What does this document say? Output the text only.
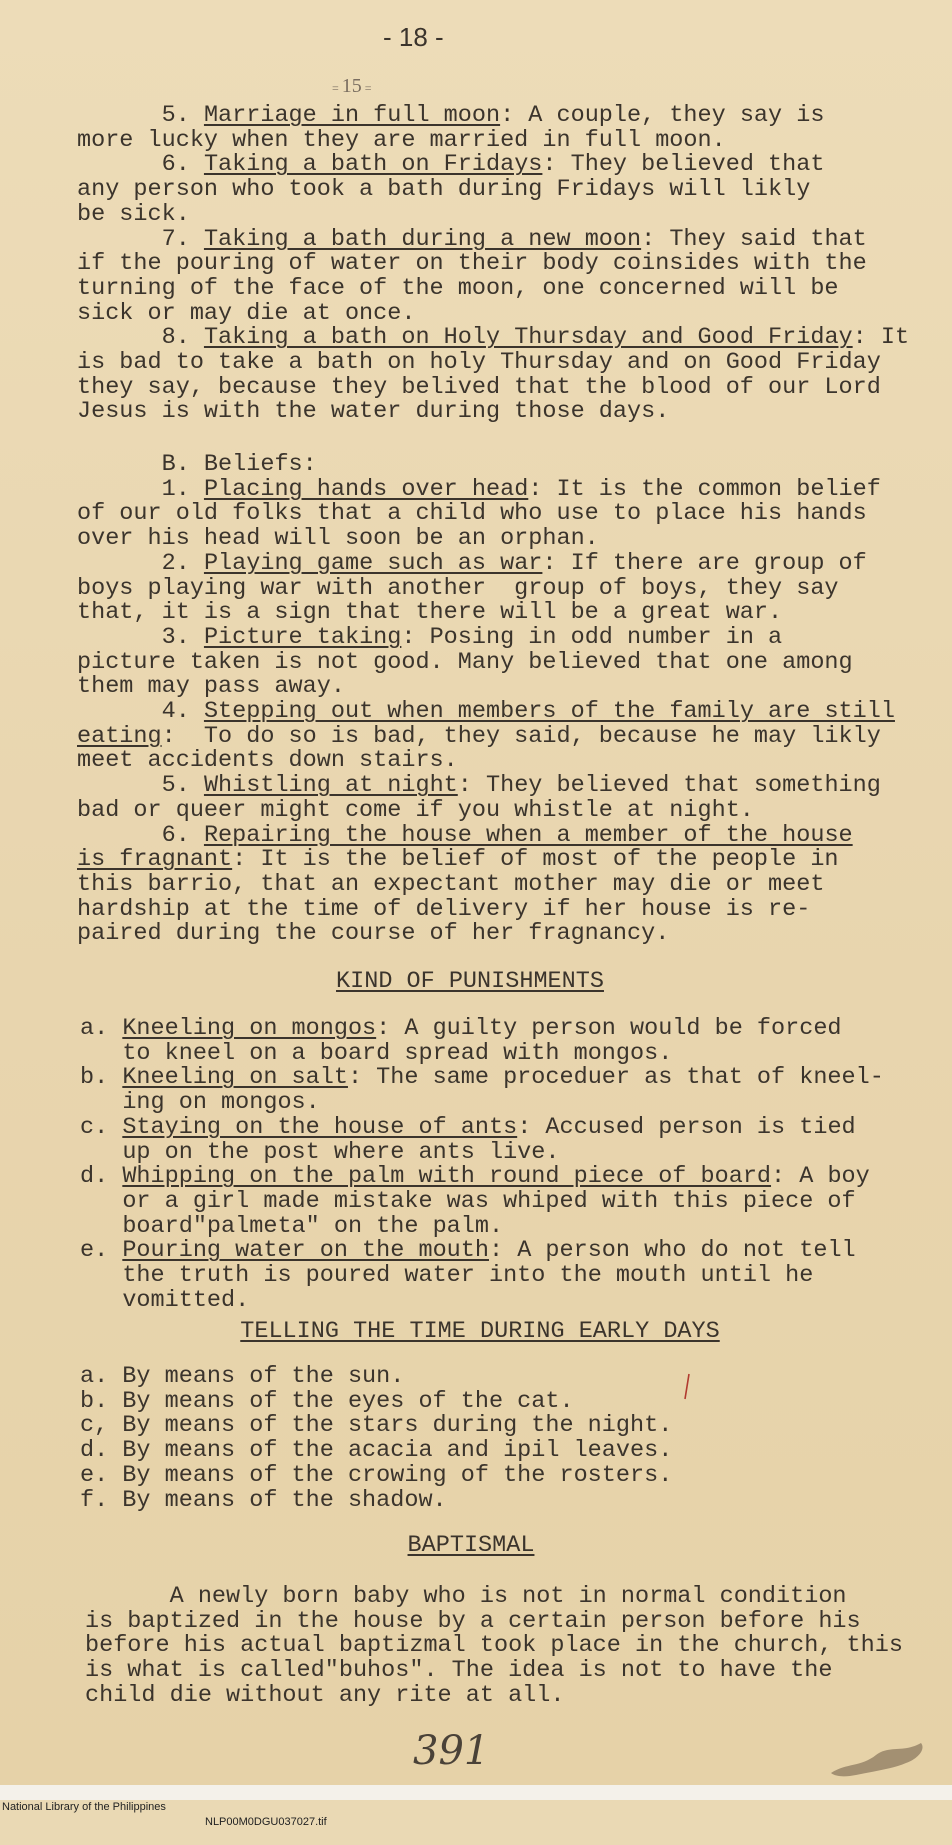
- 18 -

= 15 =

5. Marriage in full moon: A couple, they say is
more lucky when they are married in full moon.
6. Taking a bath on Fridays: They believed that
any person who took a bath during Fridays will likly
be sick.
7. Taking a bath during a new moon: They said that
if the pouring of water on their body coinsides with the
turning of the face of the moon, one concerned will be
sick or may die at once.
8. Taking a bath on Holy Thursday and Good Friday: It
is bad to take a bath on holy Thursday and on Good Friday
they say, because they belived that the blood of our Lord
Jesus is with the water during those days.
B. Beliefs:
1. Placing hands over head: It is the common belief
of our old folks that a child who use to place his hands
over his head will soon be an orphan.
2. Playing game such as war: If there are group of
boys playing war with another  group of boys, they say
that, it is a sign that there will be a great war.
3. Picture taking: Posing in odd number in a
picture taken is not good. Many believed that one among
them may pass away.
4. Stepping out when members of the family are still
eating:  To do so is bad, they said, because he may likly
meet accidents down stairs.
5. Whistling at night: They believed that something
bad or queer might come if you whistle at night.
6. Repairing the house when a member of the house
is fragnant: It is the belief of most of the people in
this barrio, that an expectant mother may die or meet
hardship at the time of delivery if her house is re-
paired during the course of her fragnancy.
KIND OF PUNISHMENTS
a. Kneeling on mongos: A guilty person would be forced
to kneel on a board spread with mongos.
b. Kneeling on salt: The same proceduer as that of kneel-
ing on mongos.
c. Staying on the house of ants: Accused person is tied
up on the post where ants live.
d. Whipping on the palm with round piece of board: A boy
or a girl made mistake was whiped with this piece of
board"palmeta" on the palm.
e. Pouring water on the mouth: A person who do not tell
the truth is poured water into the mouth until he
vomitted.
TELLING THE TIME DURING EARLY DAYS
a. By means of the sun.
b. By means of the eyes of the cat.
c, By means of the stars during the night.
d. By means of the acacia and ipil leaves.
e. By means of the crowing of the rosters.
f. By means of the shadow.
BAPTISMAL
A newly born baby who is not in normal condition
is baptized in the house by a certain person before his
before his actual baptizmal took place in the church, this
is what is called"buhos". The idea is not to have the
child die without any rite at all.
391

National Library of the Philippines

NLP00M0DGU037027.tif
